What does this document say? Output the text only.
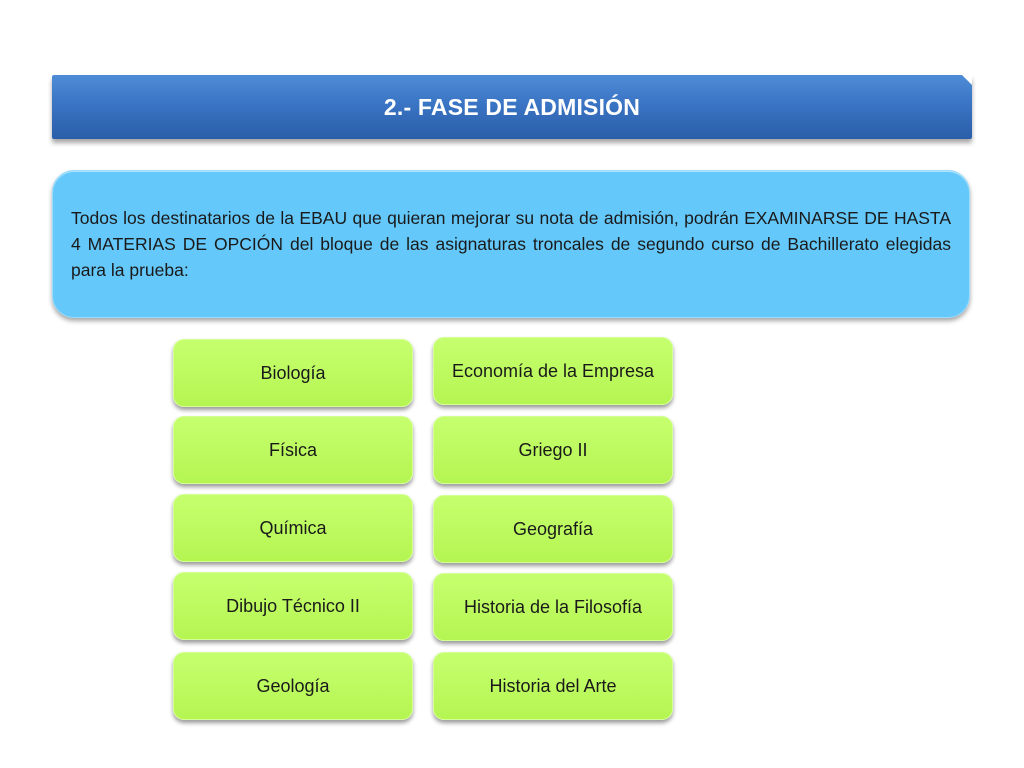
2.- FASE DE ADMISIÓN

Todos los destinatarios de la EBAU que quieran mejorar su nota de admisión, podrán EXAMINARSE DE HASTA 4 MATERIAS DE OPCIÓN del bloque de las asignaturas troncales de segundo curso de Bachillerato elegidas para la prueba:

Biología
Física
Química
Dibujo Técnico II
Geología
Economía de la Empresa
Griego II
Geografía
Historia de la Filosofía
Historia del Arte
